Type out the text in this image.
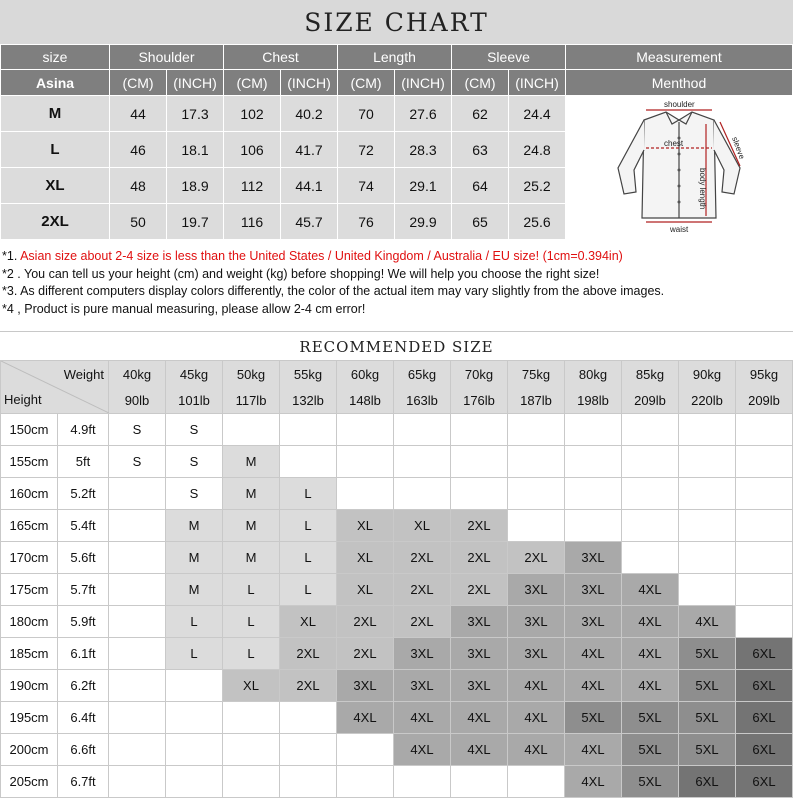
SIZE CHART
size	Shoulder		Chest		Length		Sleeve		Measurement
Asina	(CM)	(INCH)	(CM)	(INCH)	(CM)	(INCH)	(CM)	(INCH)	Menthod
M	44	17.3	102	40.2	70	27.6	62	24.4	shoulder
chest
waist
body length
sleeve

L	46	18.1	106	41.7	72	28.3	63	24.8	
XL	48	18.9	112	44.1	74	29.1	64	25.2	
2XL	50	19.7	116	45.7	76	29.9	65	25.6	
*1. Asian size about 2-4 size is less than the United States / United Kingdom / Australia / EU size! (1cm=0.394in)
*2 . You can tell us your height (cm) and weight (kg) before shopping! We will help you choose the right size!
*3. As different computers display colors differently, the color of the actual item may vary slightly from the above images.
*4 , Product is pure manual measuring, please allow 2-4 cm error!
RECOMMENDED SIZE
Weight
Height		40kg	45kg	50kg	55kg	60kg	65kg	70kg	75kg	80kg	85kg	90kg	95kg
		90lb	101lb	117lb	132lb	148lb	163lb	176lb	187lb	198lb	209lb	220lb	209lb
150cm	4.9ft	S	S										
155cm	5ft	S	S	M									
160cm	5.2ft		S	M	L								
165cm	5.4ft		M	M	L	XL	XL	2XL					
170cm	5.6ft		M	M	L	XL	2XL	2XL	2XL	3XL			
175cm	5.7ft		M	L	L	XL	2XL	2XL	3XL	3XL	4XL		
180cm	5.9ft		L	L	XL	2XL	2XL	3XL	3XL	3XL	4XL	4XL	
185cm	6.1ft		L	L	2XL	2XL	3XL	3XL	3XL	4XL	4XL	5XL	6XL
190cm	6.2ft			XL	2XL	3XL	3XL	3XL	4XL	4XL	4XL	5XL	6XL
195cm	6.4ft					4XL	4XL	4XL	4XL	5XL	5XL	5XL	6XL
200cm	6.6ft						4XL	4XL	4XL	4XL	5XL	5XL	6XL
205cm	6.7ft									4XL	5XL	6XL	6XL
